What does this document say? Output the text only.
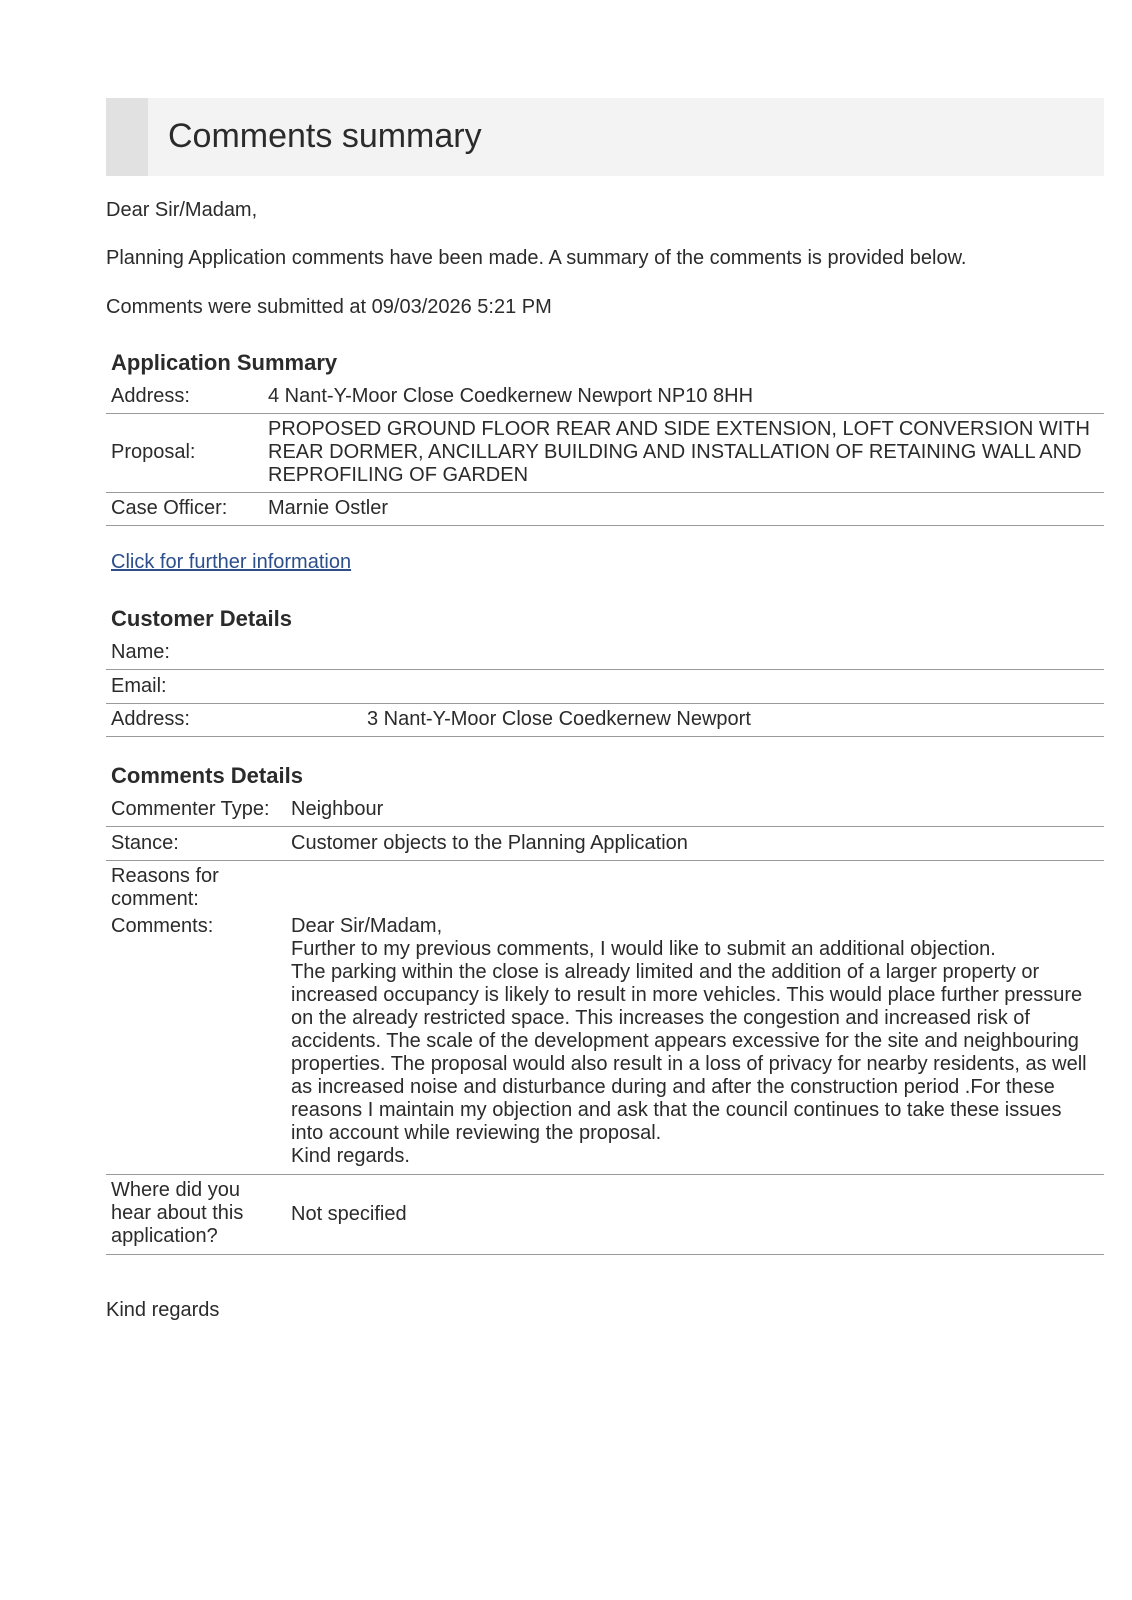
Comments summary

Dear Sir/Madam,

Planning Application comments have been made. A summary of the comments is provided below.

Comments were submitted at 09/03/2026 5:21 PM

Application Summary
Address:	4 Nant-Y-Moor Close Coedkernew Newport NP10 8HH
Proposal:	PROPOSED GROUND FLOOR REAR AND SIDE EXTENSION, LOFT CONVERSION WITH REAR DORMER, ANCILLARY BUILDING AND INSTALLATION OF RETAINING WALL AND REPROFILING OF GARDEN
Case Officer:	Marnie Ostler
Click for further information
Customer Details
Name:	
Email:	
Address:	3 Nant-Y-Moor Close Coedkernew Newport
Comments Details
Commenter Type:	Neighbour
Stance:	Customer objects to the Planning Application
Reasons for comment:	
Comments:	Dear Sir/Madam,
Further to my previous comments, I would like to submit an additional objection.
The parking within the close is already limited and the addition of a larger property or increased occupancy is likely to result in more vehicles. This would place further pressure on the already restricted space. This increases the congestion and increased risk of accidents. The scale of the development appears excessive for the site and neighbouring properties. The proposal would also result in a loss of privacy for nearby residents, as well as increased noise and disturbance during and after the construction period .For these reasons I maintain my objection and ask that the council continues to take these issues into account while reviewing the proposal.
Kind regards.

Where did you hear about this application?	Not specified

Kind regards
